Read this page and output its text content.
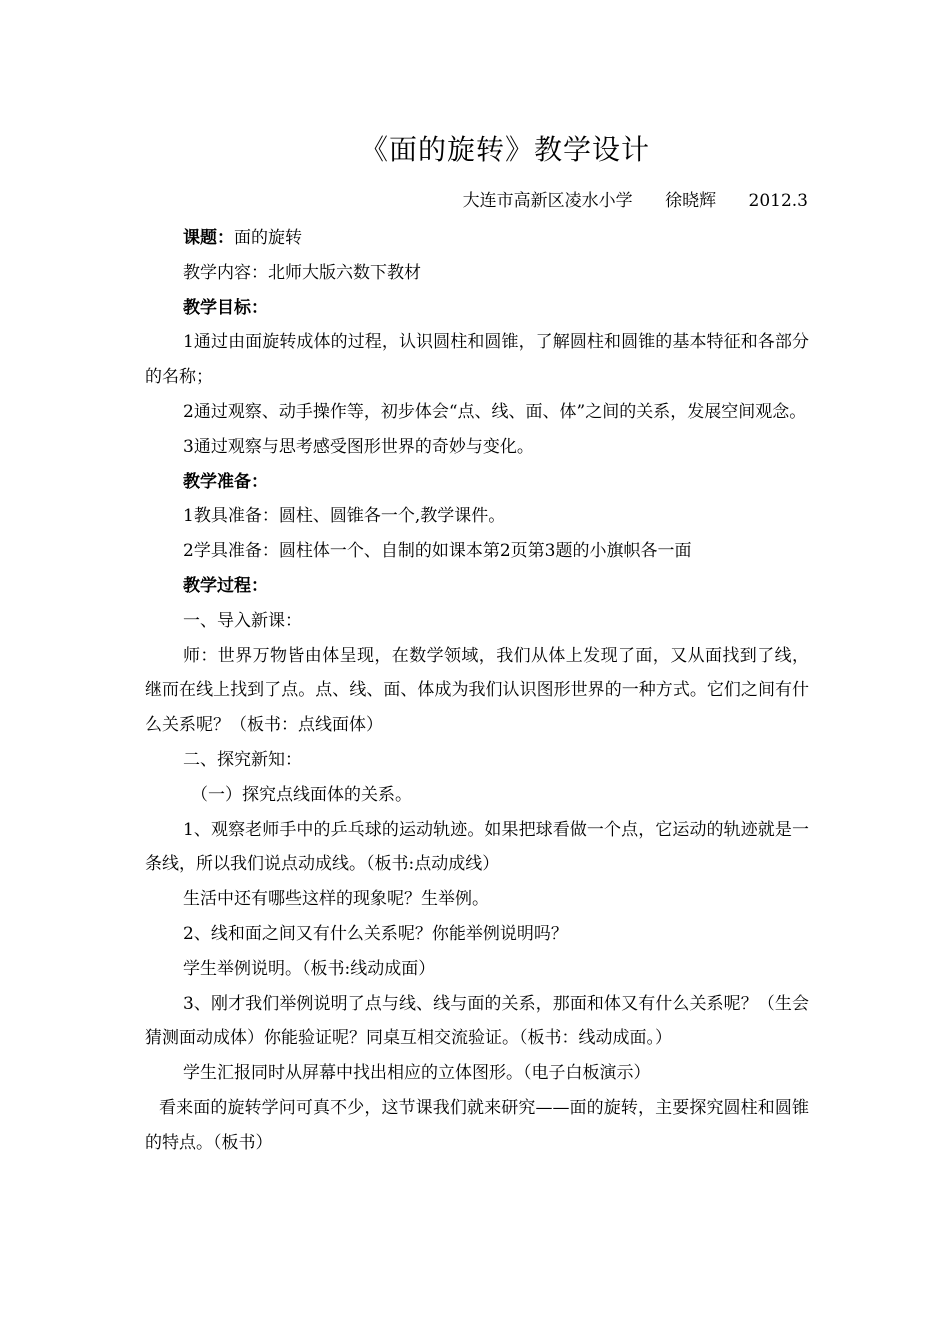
《面的旋转》教学设计
大连市高新区凌水小学      徐晓辉      2012.3

课题：面的旋转

教学内容：北师大版六数下教材

教学目标：

1通过由面旋转成体的过程，认识圆柱和圆锥，了解圆柱和圆锥的基本特征和各部分的名称；

2通过观察、动手操作等，初步体会“点、线、面、体”之间的关系，发展空间观念。

3通过观察与思考感受图形世界的奇妙与变化。

教学准备：

1教具准备：圆柱、圆锥各一个,教学课件。

2学具准备：圆柱体一个、自制的如课本第2页第3题的小旗帜各一面

教学过程：

一、导入新课：

师：世界万物皆由体呈现，在数学领域，我们从体上发现了面，又从面找到了线，继而在线上找到了点。点、线、面、体成为我们认识图形世界的一种方式。它们之间有什么关系呢？（板书：点线面体）

二、探究新知：

（一）探究点线面体的关系。

1、观察老师手中的乒乓球的运动轨迹。如果把球看做一个点，它运动的轨迹就是一条线，所以我们说点动成线。（板书:点动成线）

生活中还有哪些这样的现象呢？生举例。

2、线和面之间又有什么关系呢？你能举例说明吗？

学生举例说明。（板书:线动成面）

3、刚才我们举例说明了点与线、线与面的关系，那面和体又有什么关系呢？（生会猜测面动成体）你能验证呢？同桌互相交流验证。（板书：线动成面。）

学生汇报同时从屏幕中找出相应的立体图形。（电子白板演示）

看来面的旋转学问可真不少，这节课我们就来研究——面的旋转，主要探究圆柱和圆锥的特点。（板书）
